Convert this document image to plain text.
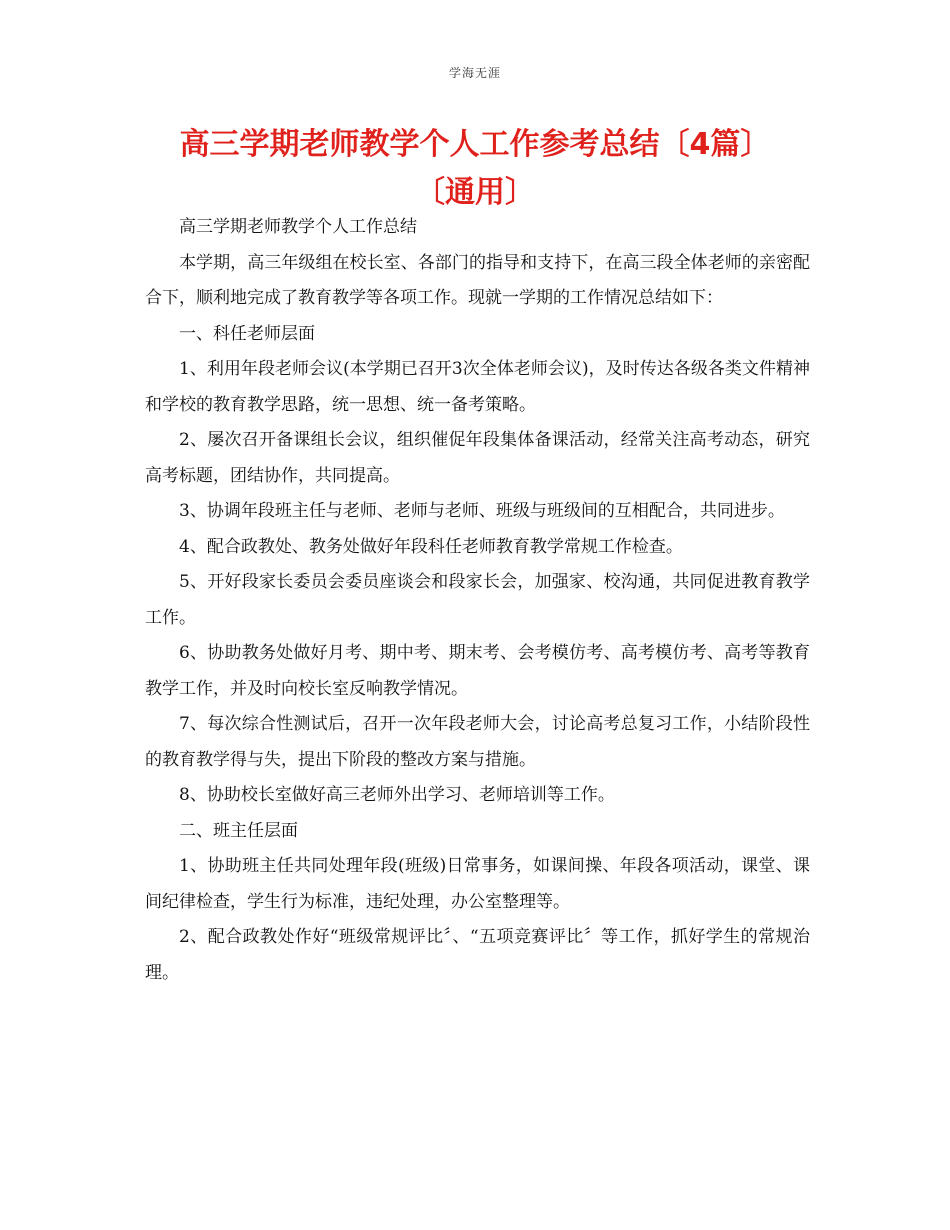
学海无涯
高三学期老师教学个人工作参考总结〔4篇〕
〔通用〕

高三学期老师教学个人工作总结

本学期，高三年级组在校长室、各部门的指导和支持下，在高三段全体老师的亲密配合下，顺利地完成了教育教学等各项工作。现就一学期的工作情况总结如下：

一、科任老师层面

1、利用年段老师会议(本学期已召开3次全体老师会议)，及时传达各级各类文件精神和学校的教育教学思路，统一思想、统一备考策略。

2、屡次召开备课组长会议，组织催促年段集体备课活动，经常关注高考动态，研究高考标题，团结协作，共同提高。

3、协调年段班主任与老师、老师与老师、班级与班级间的互相配合，共同进步。

4、配合政教处、教务处做好年段科任老师教育教学常规工作检查。

5、开好段家长委员会委员座谈会和段家长会，加强家、校沟通，共同促进教育教学工作。

6、协助教务处做好月考、期中考、期末考、会考模仿考、高考模仿考、高考等教育教学工作，并及时向校长室反响教学情况。

7、每次综合性测试后，召开一次年段老师大会，讨论高考总复习工作，小结阶段性的教育教学得与失，提出下阶段的整改方案与措施。

8、协助校长室做好高三老师外出学习、老师培训等工作。

二、班主任层面

1、协助班主任共同处理年段(班级)日常事务，如课间操、年段各项活动，课堂、课间纪律检查，学生行为标准，违纪处理，办公室整理等。

2、配合政教处作好“班级常规评比〞、“五项竞赛评比〞等工作，抓好学生的常规治理。
